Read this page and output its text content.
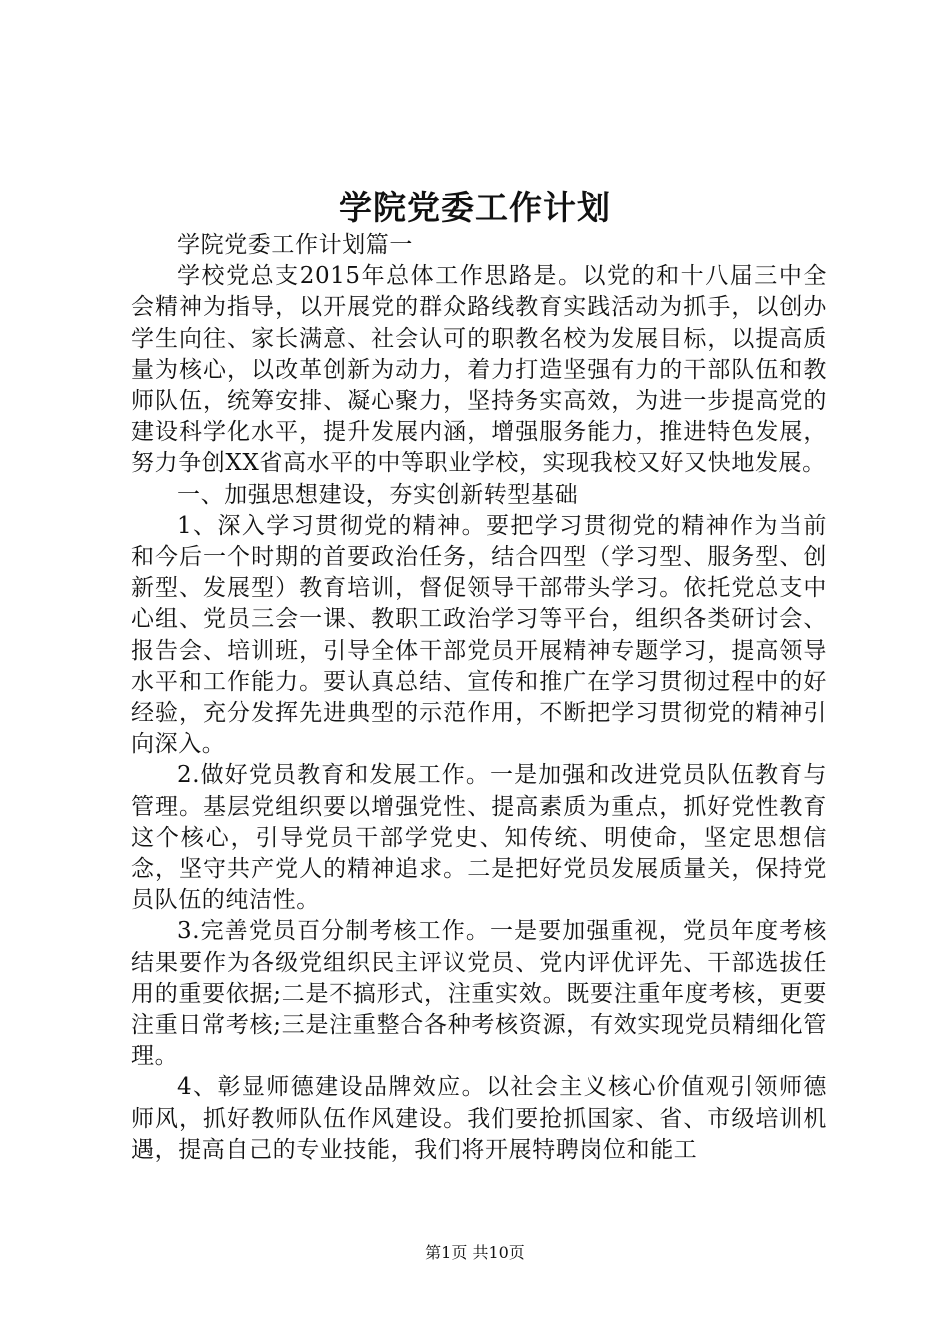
学院党委工作计划

学院党委工作计划篇一

学校党总支2015年总体工作思路是。以党的和十八届三中全会精神为指导，以开展党的群众路线教育实践活动为抓手，以创办学生向往、家长满意、社会认可的职教名校为发展目标，以提高质量为核心，以改革创新为动力，着力打造坚强有力的干部队伍和教师队伍，统筹安排、凝心聚力，坚持务实高效，为进一步提高党的建设科学化水平，提升发展内涵，增强服务能力，推进特色发展，努力争创XX省高水平的中等职业学校，实现我校又好又快地发展。

一、加强思想建设，夯实创新转型基础

1、深入学习贯彻党的精神。要把学习贯彻党的精神作为当前和今后一个时期的首要政治任务，结合四型（学习型、服务型、创新型、发展型）教育培训，督促领导干部带头学习。依托党总支中心组、党员三会一课、教职工政治学习等平台，组织各类研讨会、报告会、培训班，引导全体干部党员开展精神专题学习，提高领导水平和工作能力。要认真总结、宣传和推广在学习贯彻过程中的好经验，充分发挥先进典型的示范作用，不断把学习贯彻党的精神引向深入。

2.做好党员教育和发展工作。一是加强和改进党员队伍教育与管理。基层党组织要以增强党性、提高素质为重点，抓好党性教育这个核心，引导党员干部学党史、知传统、明使命，坚定思想信念，坚守共产党人的精神追求。二是把好党员发展质量关，保持党员队伍的纯洁性。

3.完善党员百分制考核工作。一是要加强重视，党员年度考核结果要作为各级党组织民主评议党员、党内评优评先、干部选拔任用的重要依据;二是不搞形式，注重实效。既要注重年度考核，更要注重日常考核;三是注重整合各种考核资源，有效实现党员精细化管理。

4、彰显师德建设品牌效应。以社会主义核心价值观引领师德师风，抓好教师队伍作风建设。我们要抢抓国家、省、市级培训机遇，提高自己的专业技能，我们将开展特聘岗位和能工

第1页 共10页
